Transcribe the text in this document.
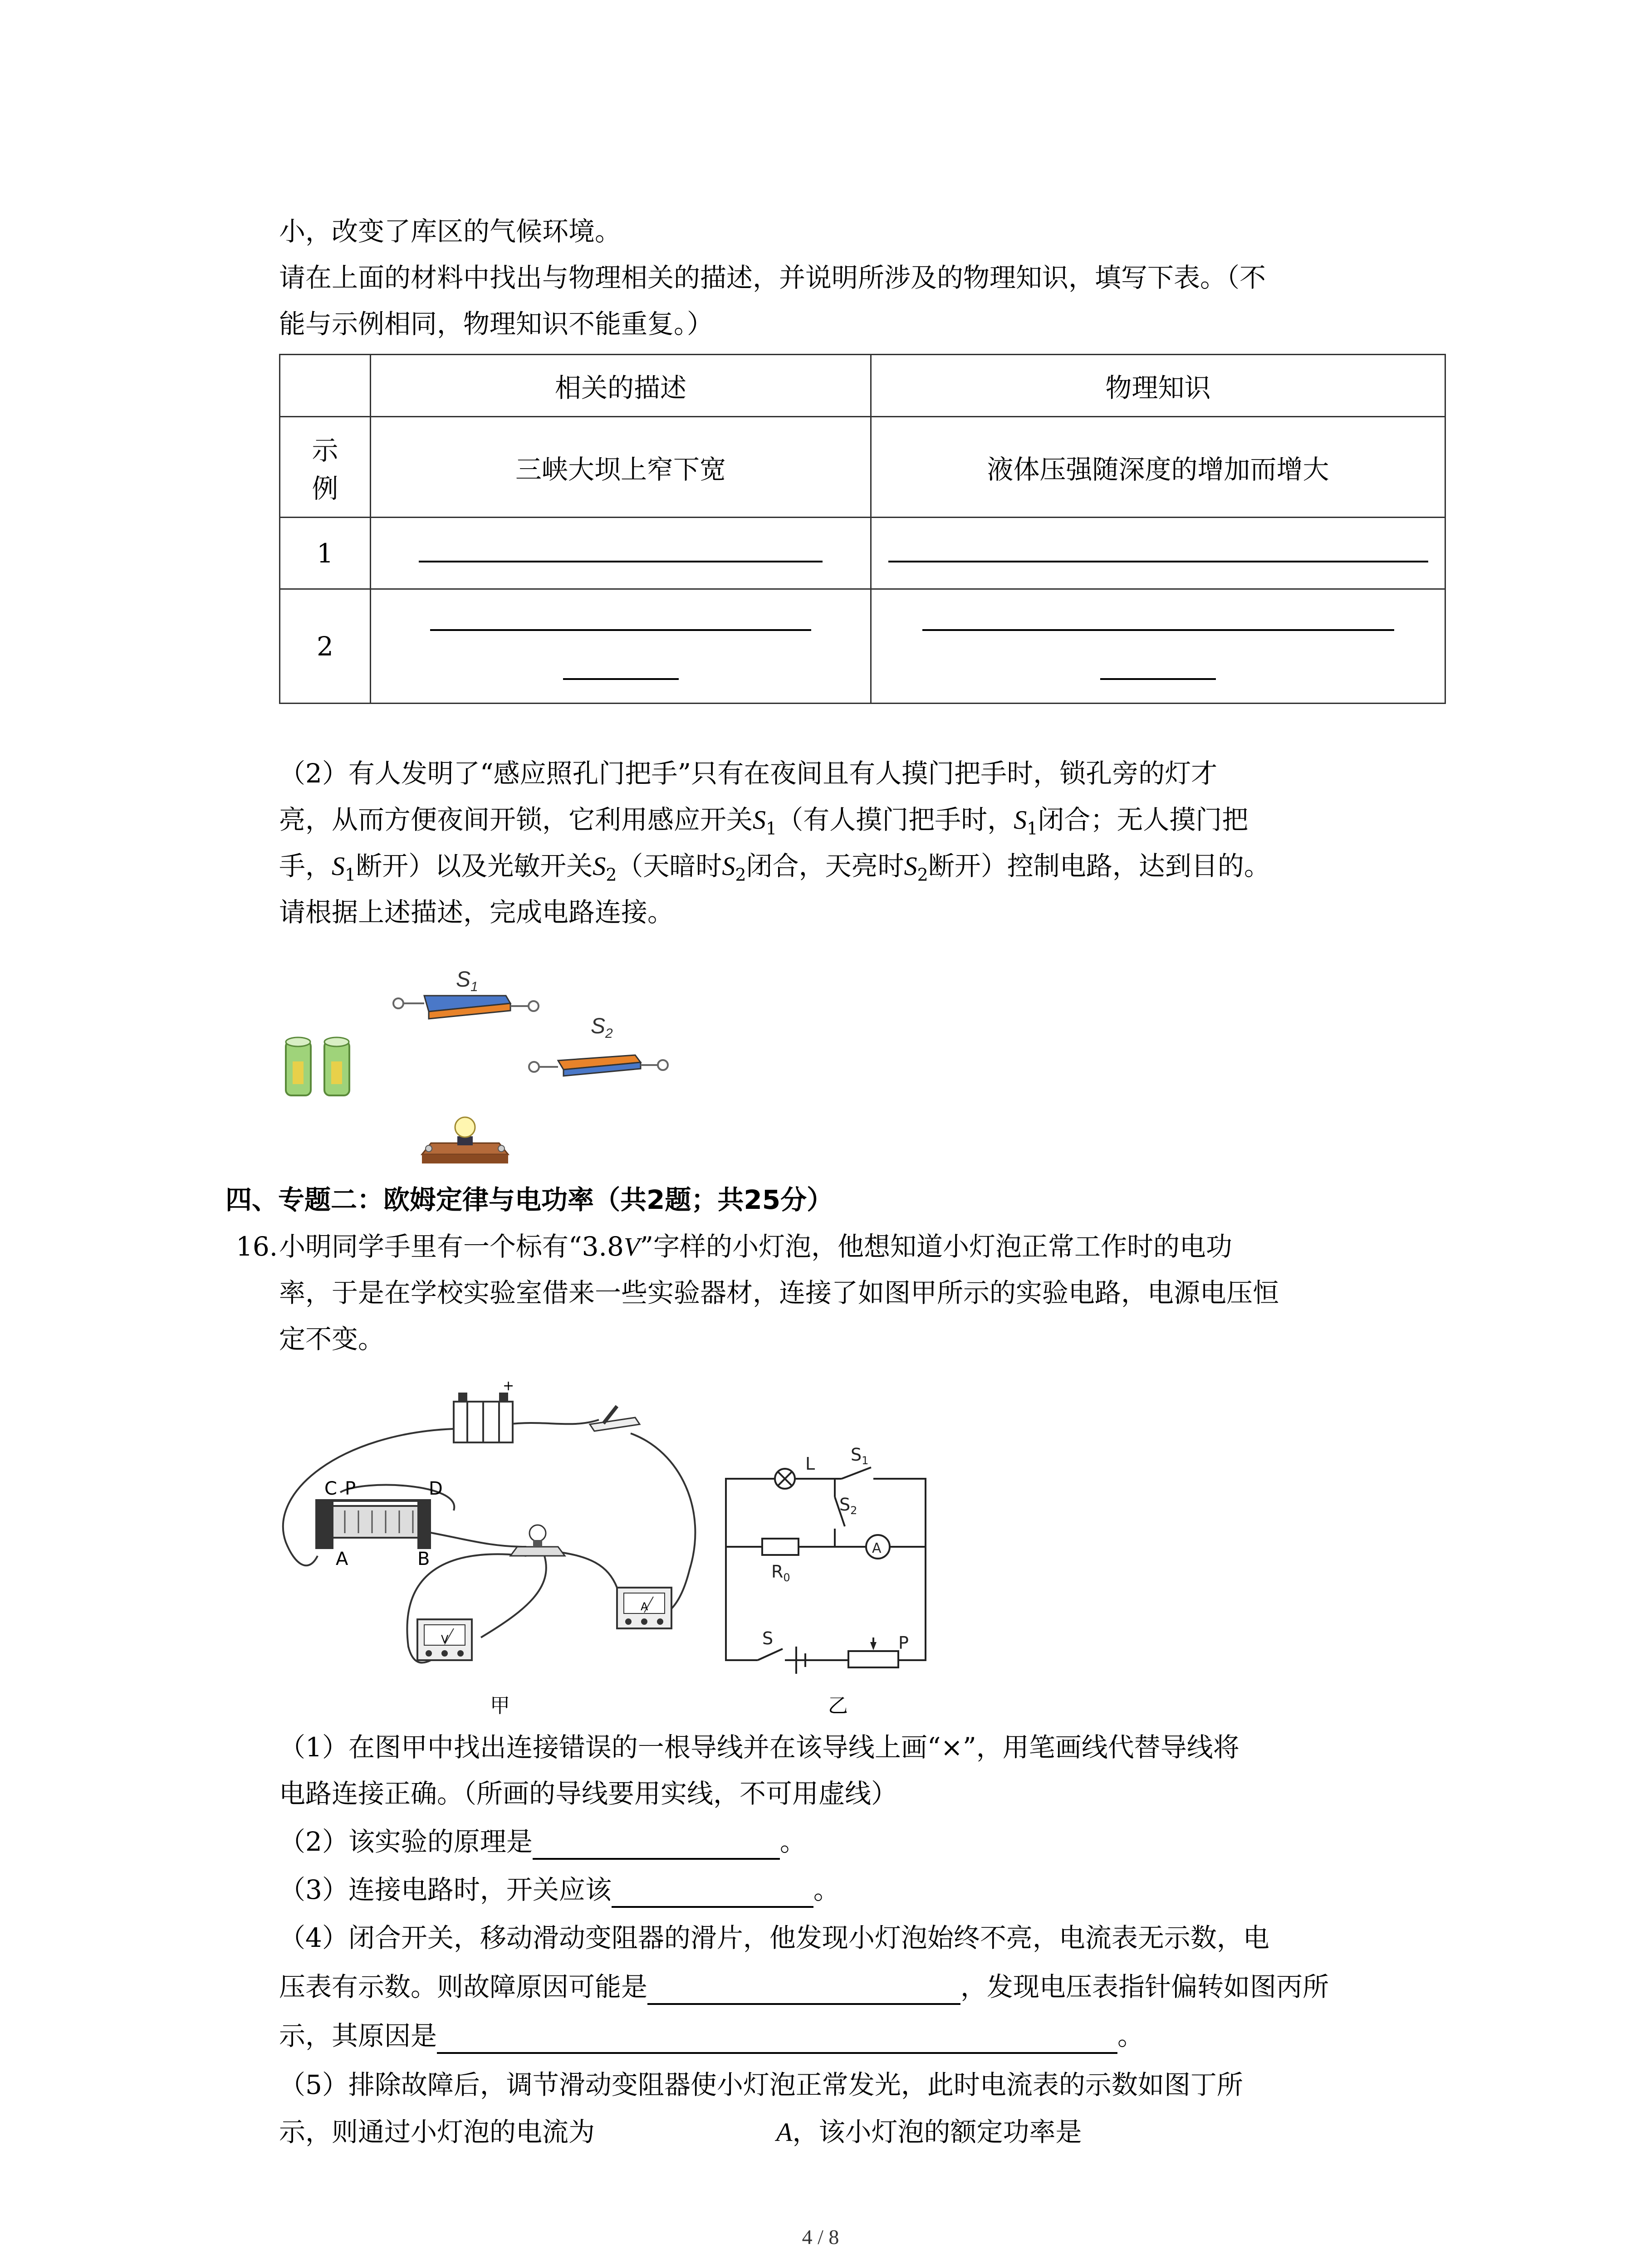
小，改变了库区的气候环境。
请在上面的材料中找出与物理相关的描述，并说明所涉及的物理知识，填写下表。（不
能与示例相同，物理知识不能重复。）
	相关的描述	物理知识
示
例	三峡大坝上窄下宽	液体压强随深度的增加而增大
1		
2	

（2）有人发明了“感应照孔门把手”只有在夜间且有人摸门把手时，锁孔旁的灯才
亮，从而方便夜间开锁，它利用感应开关$S_1$（有人摸门把手时，$S_1$闭合；无人摸门把
手，$S_1$断开）以及光敏开关$S_2$（天暗时$S_2$闭合，天亮时$S_2$断开）控制电路，达到目的。
请根据上述描述，完成电路连接。
$S_1$
$S_2$
四、专题二：欧姆定律与电功率（共2题；共25分）
16. 小明同学手里有一个标有“3.8V”字样的小灯泡，他想知道小灯泡正常工作时的电功
率，于是在学校实验室借来一些实验器材，连接了如图甲所示的实验电路，电源电压恒
定不变。
+
C P	D
A	B
V
A
L $S_1$
$S_2$
A
$R_0$
S	P
甲	乙
（1）在图甲中找出连接错误的一根导线并在该导线上画“×”，用笔画线代替导线将
电路连接正确。（所画的导线要用实线，不可用虚线）
（2）该实验的原理是	。
（3）连接电路时，开关应该	。
（4）闭合开关，移动滑动变阻器的滑片，他发现小灯泡始终不亮，电流表无示数，电
压表有示数。则故障原因可能是	，发现电压表指针偏转如图丙所
示，其原因是	。
（5）排除故障后，调节滑动变阻器使小灯泡正常发光，此时电流表的示数如图丁所
示，则通过小灯泡的电流为	A，该小灯泡的额定功率是
4 / 8
